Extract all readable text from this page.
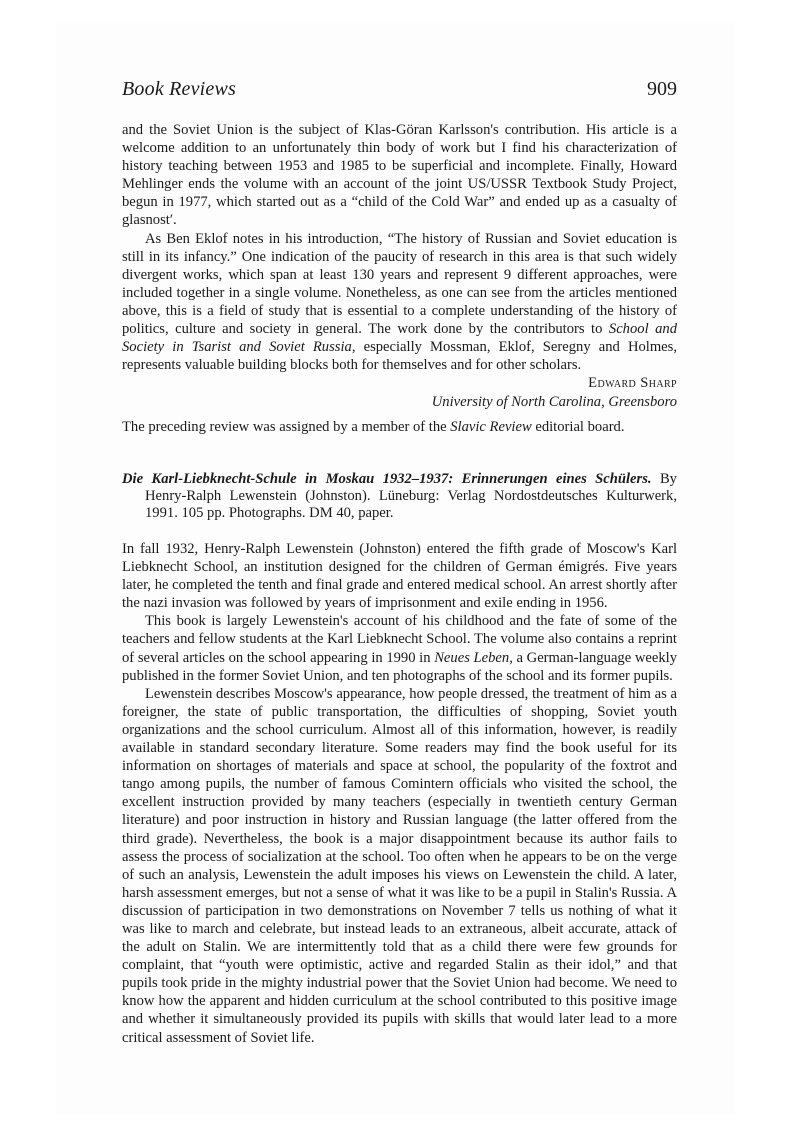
Book Reviews	909

and the Soviet Union is the subject of Klas-Göran Karlsson's contribution. His article is a welcome addition to an unfortunately thin body of work but I find his characterization of history teaching between 1953 and 1985 to be superficial and incomplete. Finally, Howard Mehlinger ends the volume with an account of the joint US/USSR Textbook Study Project, begun in 1977, which started out as a “child of the Cold War” and ended up as a casualty of glasnost′.

As Ben Eklof notes in his introduction, “The history of Russian and Soviet education is still in its infancy.” One indication of the paucity of research in this area is that such widely divergent works, which span at least 130 years and represent 9 different approaches, were included together in a single volume. Nonetheless, as one can see from the articles mentioned above, this is a field of study that is essential to a complete understanding of the history of politics, culture and society in general. The work done by the contributors to School and Society in Tsarist and Soviet Russia, especially Mossman, Eklof, Seregny and Holmes, represents valuable building blocks both for themselves and for other scholars.

Edward Sharp
University of North Carolina, Greensboro
The preceding review was assigned by a member of the Slavic Review editorial board.
Die Karl-Liebknecht-Schule in Moskau 1932–1937: Erinnerungen eines Schülers. By Henry-Ralph Lewenstein (Johnston). Lüneburg: Verlag Nordostdeutsches Kulturwerk, 1991. 105 pp. Photographs. DM 40, paper.

In fall 1932, Henry-Ralph Lewenstein (Johnston) entered the fifth grade of Moscow's Karl Liebknecht School, an institution designed for the children of German émigrés. Five years later, he completed the tenth and final grade and entered medical school. An arrest shortly after the nazi invasion was followed by years of imprisonment and exile ending in 1956.

This book is largely Lewenstein's account of his childhood and the fate of some of the teachers and fellow students at the Karl Liebknecht School. The volume also contains a reprint of several articles on the school appearing in 1990 in Neues Leben, a German-language weekly published in the former Soviet Union, and ten photographs of the school and its former pupils.

Lewenstein describes Moscow's appearance, how people dressed, the treatment of him as a foreigner, the state of public transportation, the difficulties of shopping, Soviet youth organizations and the school curriculum. Almost all of this information, however, is readily available in standard secondary literature. Some readers may find the book useful for its information on shortages of materials and space at school, the popularity of the foxtrot and tango among pupils, the number of famous Comintern officials who visited the school, the excellent instruction provided by many teachers (especially in twentieth century German literature) and poor instruction in history and Russian language (the latter offered from the third grade). Nevertheless, the book is a major disappointment because its author fails to assess the process of socialization at the school. Too often when he appears to be on the verge of such an analysis, Lewenstein the adult imposes his views on Lewenstein the child. A later, harsh assessment emerges, but not a sense of what it was like to be a pupil in Stalin's Russia. A discussion of participation in two demonstrations on November 7 tells us nothing of what it was like to march and celebrate, but instead leads to an extraneous, albeit accurate, attack of the adult on Stalin. We are intermittently told that as a child there were few grounds for complaint, that “youth were optimistic, active and regarded Stalin as their idol,” and that pupils took pride in the mighty industrial power that the Soviet Union had become. We need to know how the apparent and hidden curriculum at the school contributed to this positive image and whether it simultaneously provided its pupils with skills that would later lead to a more critical assessment of Soviet life.
